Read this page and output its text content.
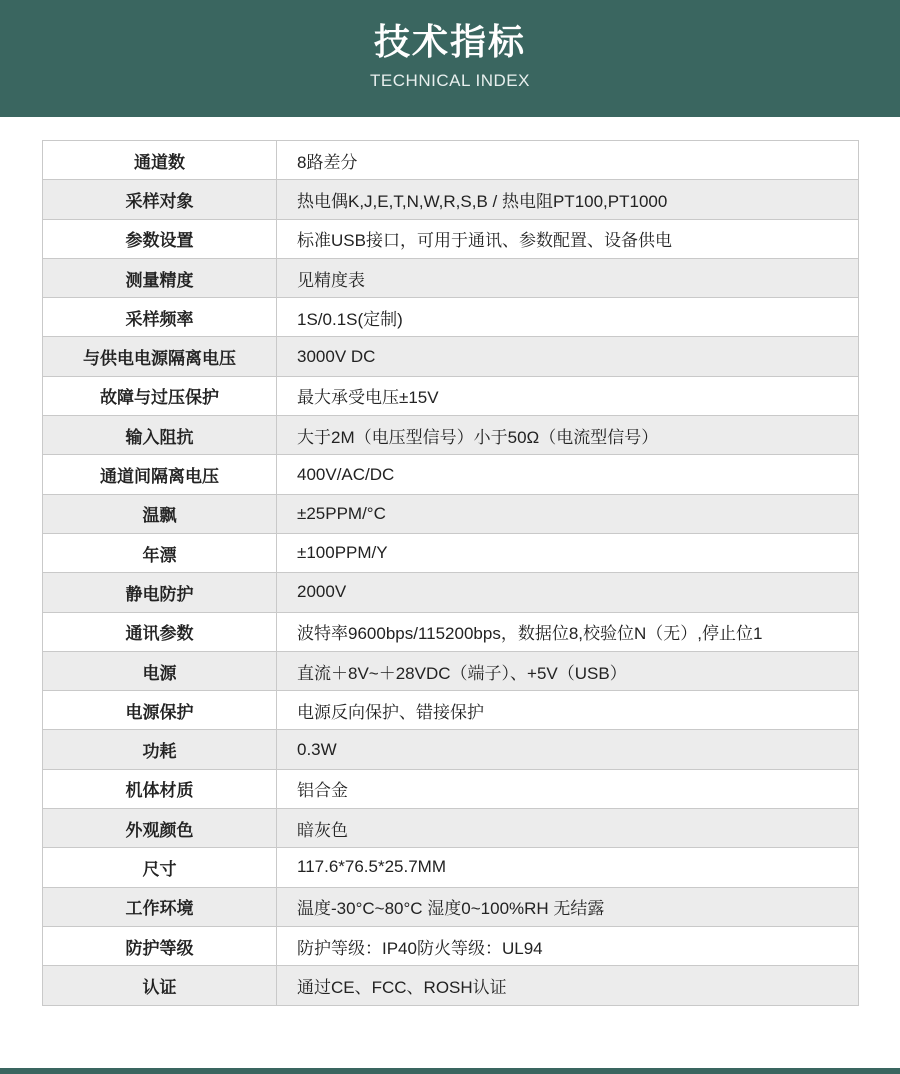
技术指标
TECHNICAL INDEX
通道数	8路差分
采样对象	热电偶K,J,E,T,N,W,R,S,B / 热电阻PT100,PT1000
参数设置	标准USB接口，可用于通讯、参数配置、设备供电
测量精度	见精度表
采样频率	1S/0.1S(定制)
与供电电源隔离电压	3000V DC
故障与过压保护	最大承受电压±15V
输入阻抗	大于2M（电压型信号）小于50Ω（电流型信号）
通道间隔离电压	400V/AC/DC
温飘	±25PPM/°C
年漂	±100PPM/Y
静电防护	2000V
通讯参数	波特率9600bps/115200bps，数据位8,校验位N（无）,停止位1
电源	直流＋8V~＋28VDC（端子）、+5V（USB）
电源保护	电源反向保护、错接保护
功耗	0.3W
机体材质	铝合金
外观颜色	暗灰色
尺寸	117.6*76.5*25.7MM
工作环境	温度-30°C~80°C 湿度0~100%RH 无结露
防护等级	防护等级：IP40防火等级：UL94
认证	通过CE、FCC、ROSH认证
